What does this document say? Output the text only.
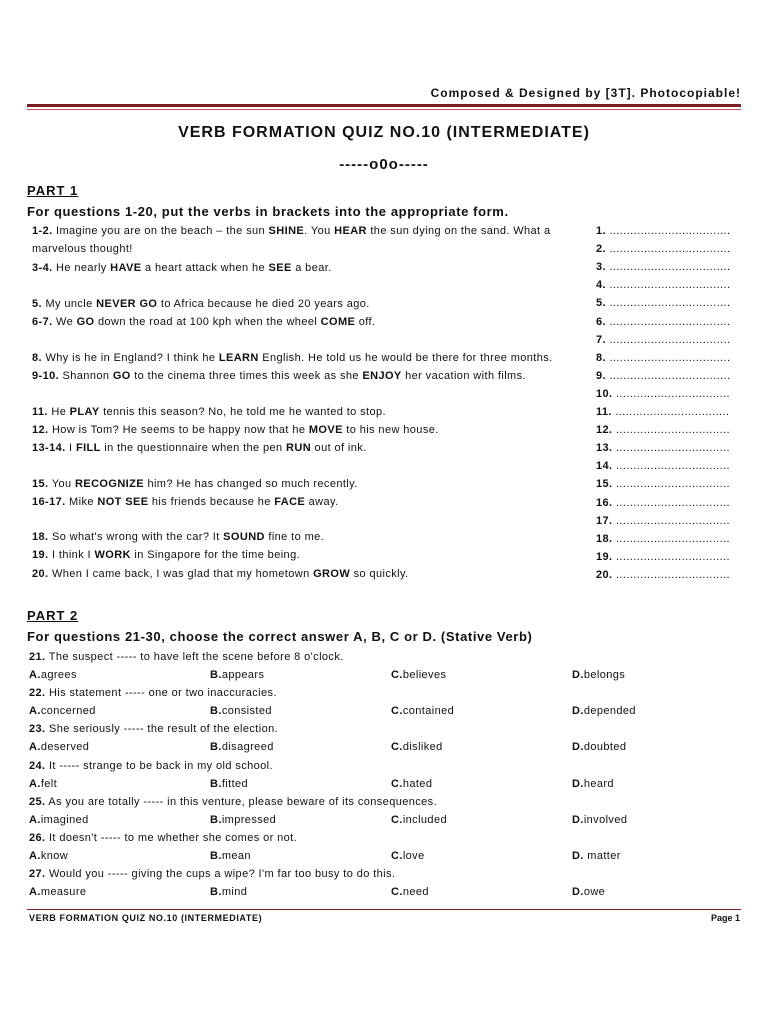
Composed & Designed by [3T]. Photocopiable!
VERB FORMATION QUIZ NO.10 (INTERMEDIATE)
-----o0o-----
PART 1
For questions 1-20, put the verbs in brackets into the appropriate form.
1-2. Imagine you are on the beach – the sun SHINE. You HEAR the sun dying on the sand. What a marvelous thought!
3-4. He nearly HAVE a heart attack when he SEE a bear.
5. My uncle NEVER GO to Africa because he died 20 years ago.
6-7. We GO down the road at 100 kph when the wheel COME off.
8. Why is he in England? I think he LEARN English. He told us he would be there for three months.
9-10. Shannon GO to the cinema three times this week as she ENJOY her vacation with films.
11. He PLAY tennis this season? No, he told me he wanted to stop.
12. How is Tom? He seems to be happy now that he MOVE to his new house.
13-14. I FILL in the questionnaire when the pen RUN out of ink.
15. You RECOGNIZE him? He has changed so much recently.
16-17. Mike NOT SEE his friends because he FACE away.
18. So what's wrong with the car? It SOUND fine to me.
19. I think I WORK in Singapore for the time being.
20. When I came back, I was glad that my hometown GROW so quickly.
1. ...................................
2. ...................................
3. ...................................
4. ...................................
5. ...................................
6. ...................................
7. ...................................
8. ...................................
9. ...................................
10. .................................
11. .................................
12. .................................
13. .................................
14. .................................
15. .................................
16. .................................
17. .................................
18. .................................
19. .................................
20. .................................
PART 2
For questions 21-30, choose the correct answer A, B, C or D. (Stative Verb)
21. The suspect ----- to have left the scene before 8 o'clock.
A.agrees	B.appears	C.believes	D.belongs
22. His statement ----- one or two inaccuracies.
A.concerned	B.consisted	C.contained	D.depended
23. She seriously ----- the result of the election.
A.deserved	B.disagreed	C.disliked	D.doubted
24. It ----- strange to be back in my old school.
A.felt	B.fitted	C.hated	D.heard
25. As you are totally ----- in this venture, please beware of its consequences.
A.imagined	B.impressed	C.included	D.involved
26. It doesn't ----- to me whether she comes or not.
A.know	B.mean	C.love	D. matter
27. Would you ----- giving the cups a wipe? I'm far too busy to do this.
A.measure	B.mind	C.need	D.owe
VERB FORMATION QUIZ NO.10 (INTERMEDIATE)	Page 1
